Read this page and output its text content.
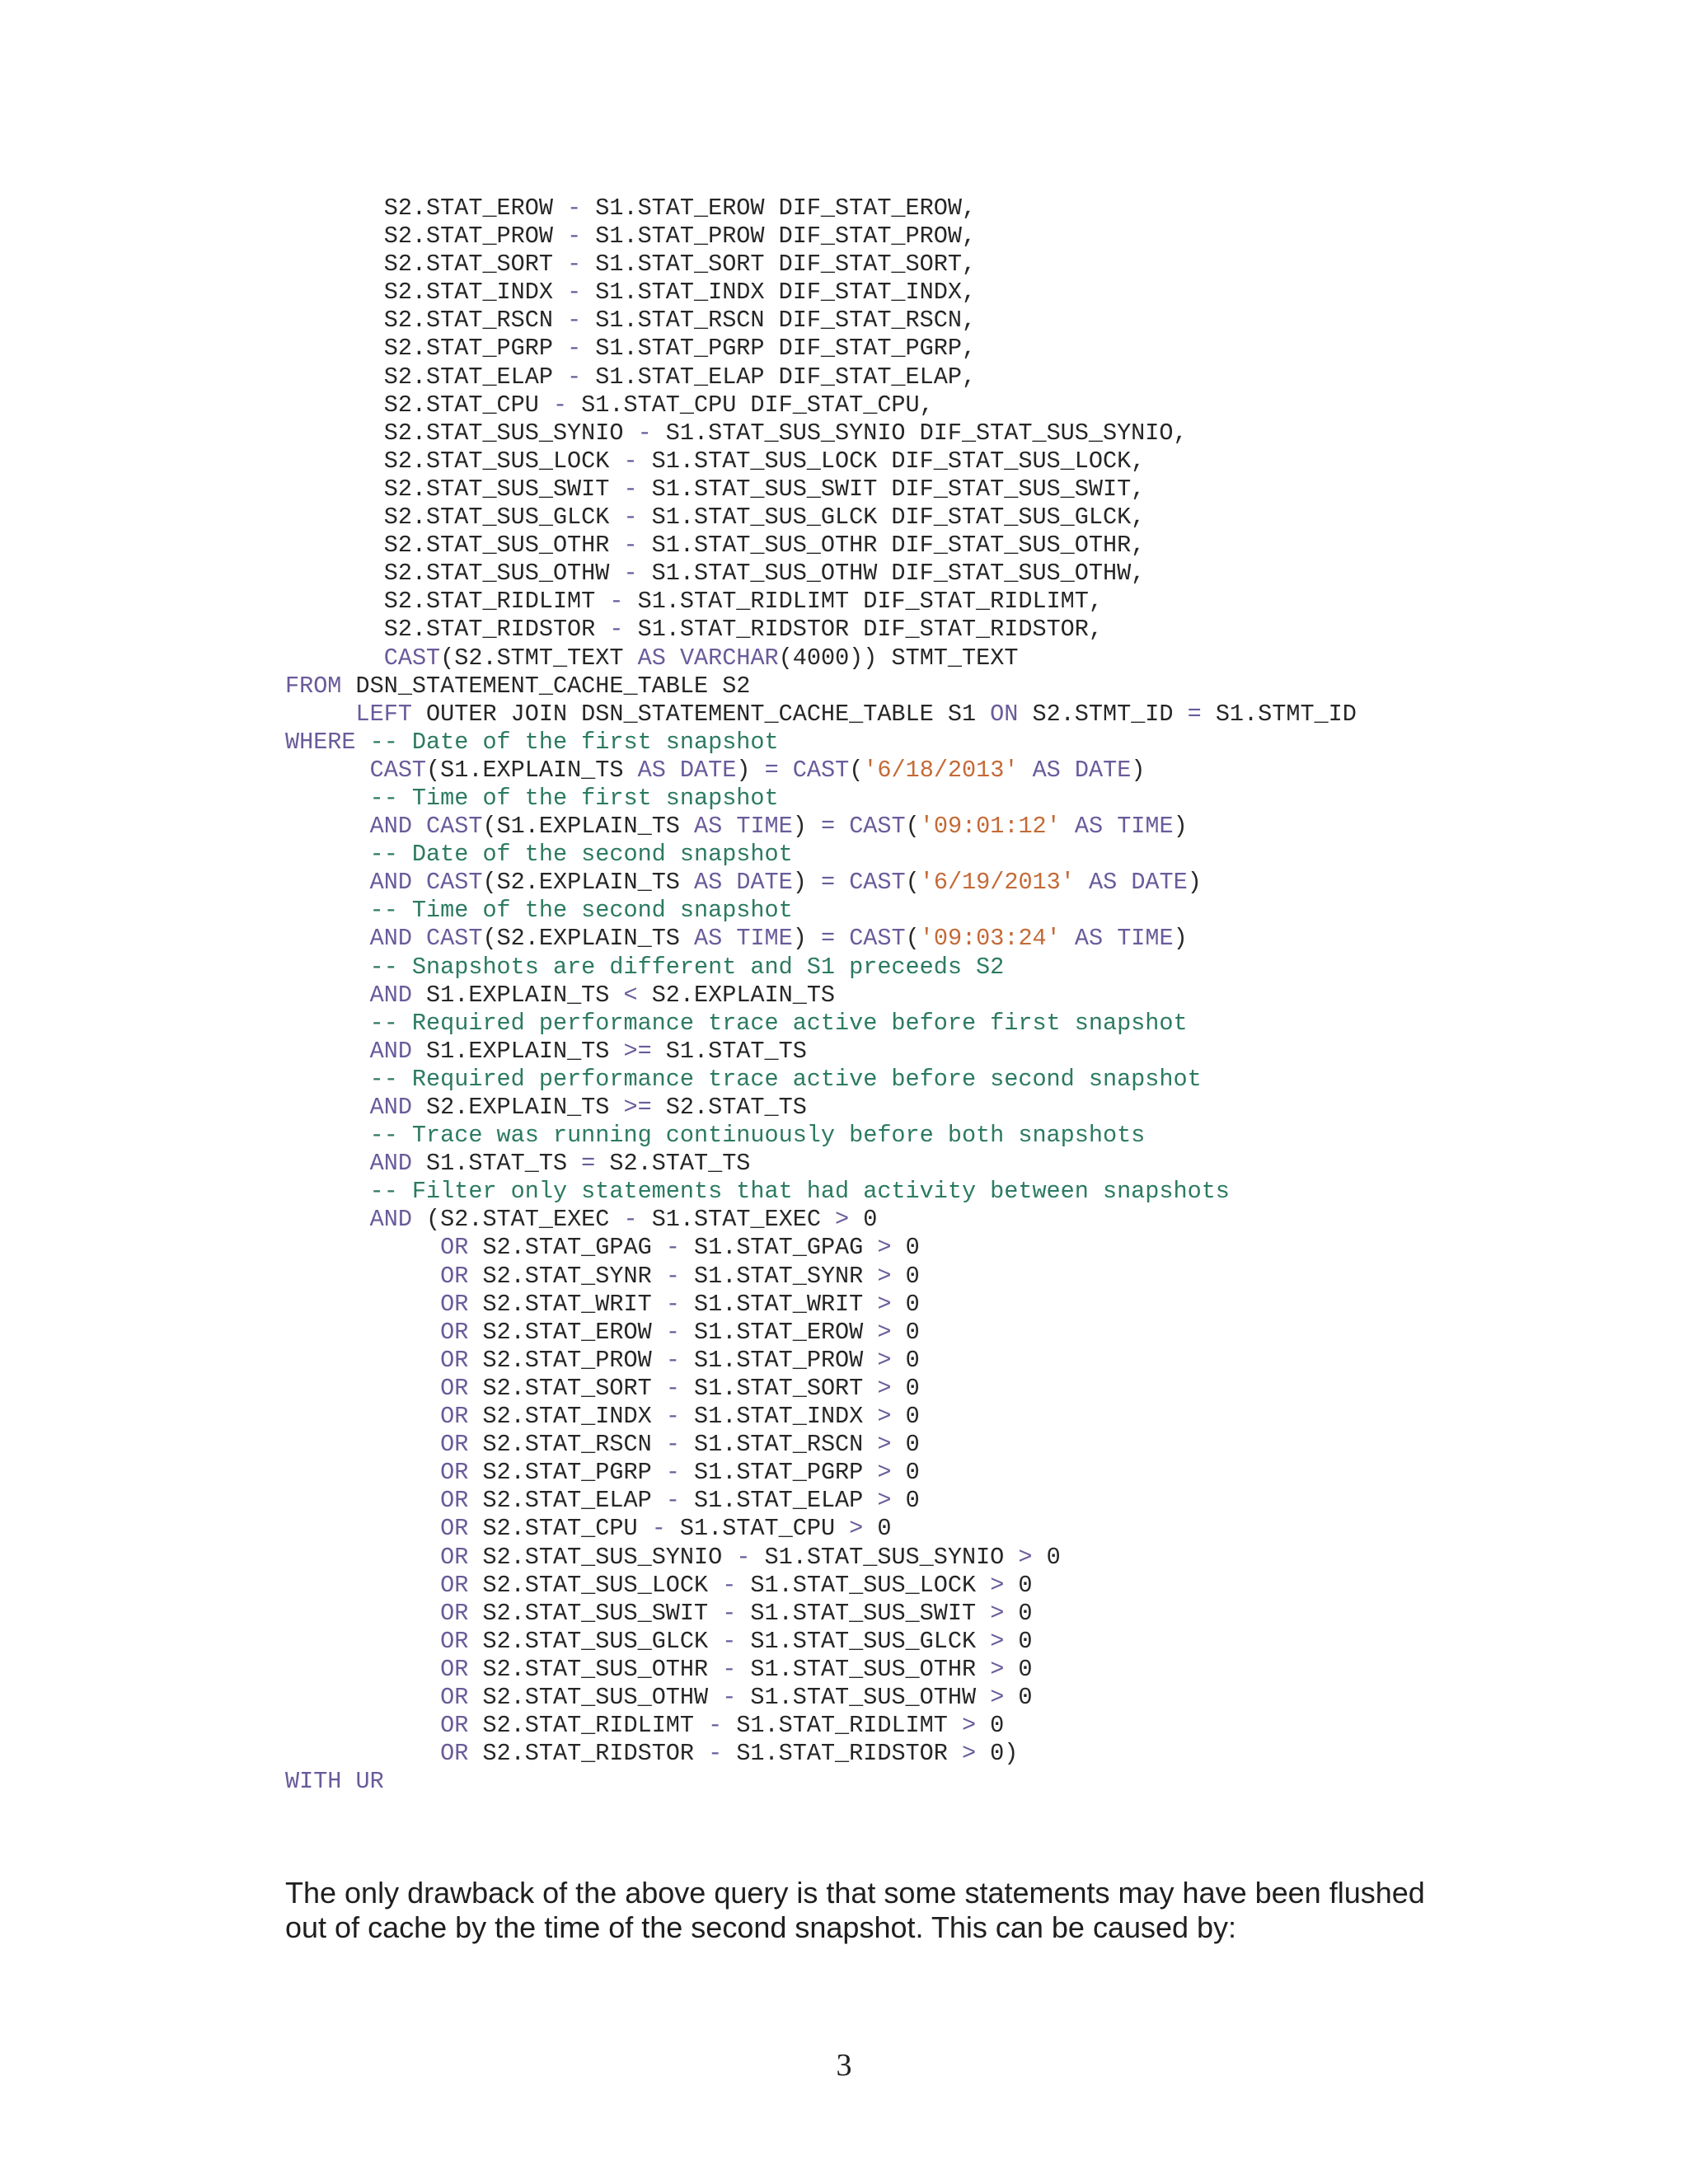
S2.STAT_EROW - S1.STAT_EROW DIF_STAT_EROW,
S2.STAT_PROW - S1.STAT_PROW DIF_STAT_PROW,
S2.STAT_SORT - S1.STAT_SORT DIF_STAT_SORT,
S2.STAT_INDX - S1.STAT_INDX DIF_STAT_INDX,
S2.STAT_RSCN - S1.STAT_RSCN DIF_STAT_RSCN,
S2.STAT_PGRP - S1.STAT_PGRP DIF_STAT_PGRP,
S2.STAT_ELAP - S1.STAT_ELAP DIF_STAT_ELAP,
S2.STAT_CPU - S1.STAT_CPU DIF_STAT_CPU,
S2.STAT_SUS_SYNIO - S1.STAT_SUS_SYNIO DIF_STAT_SUS_SYNIO,
S2.STAT_SUS_LOCK - S1.STAT_SUS_LOCK DIF_STAT_SUS_LOCK,
S2.STAT_SUS_SWIT - S1.STAT_SUS_SWIT DIF_STAT_SUS_SWIT,
S2.STAT_SUS_GLCK - S1.STAT_SUS_GLCK DIF_STAT_SUS_GLCK,
S2.STAT_SUS_OTHR - S1.STAT_SUS_OTHR DIF_STAT_SUS_OTHR,
S2.STAT_SUS_OTHW - S1.STAT_SUS_OTHW DIF_STAT_SUS_OTHW,
S2.STAT_RIDLIMT - S1.STAT_RIDLIMT DIF_STAT_RIDLIMT,
S2.STAT_RIDSTOR - S1.STAT_RIDSTOR DIF_STAT_RIDSTOR,
CAST(S2.STMT_TEXT AS VARCHAR(4000)) STMT_TEXT
FROM DSN_STATEMENT_CACHE_TABLE S2
LEFT OUTER JOIN DSN_STATEMENT_CACHE_TABLE S1 ON S2.STMT_ID = S1.STMT_ID
WHERE -- Date of the first snapshot
CAST(S1.EXPLAIN_TS AS DATE) = CAST('6/18/2013' AS DATE)
-- Time of the first snapshot
AND CAST(S1.EXPLAIN_TS AS TIME) = CAST('09:01:12' AS TIME)
-- Date of the second snapshot
AND CAST(S2.EXPLAIN_TS AS DATE) = CAST('6/19/2013' AS DATE)
-- Time of the second snapshot
AND CAST(S2.EXPLAIN_TS AS TIME) = CAST('09:03:24' AS TIME)
-- Snapshots are different and S1 preceeds S2
AND S1.EXPLAIN_TS < S2.EXPLAIN_TS
-- Required performance trace active before first snapshot
AND S1.EXPLAIN_TS >= S1.STAT_TS
-- Required performance trace active before second snapshot
AND S2.EXPLAIN_TS >= S2.STAT_TS
-- Trace was running continuously before both snapshots
AND S1.STAT_TS = S2.STAT_TS
-- Filter only statements that had activity between snapshots
AND (S2.STAT_EXEC - S1.STAT_EXEC > 0
OR S2.STAT_GPAG - S1.STAT_GPAG > 0
OR S2.STAT_SYNR - S1.STAT_SYNR > 0
OR S2.STAT_WRIT - S1.STAT_WRIT > 0
OR S2.STAT_EROW - S1.STAT_EROW > 0
OR S2.STAT_PROW - S1.STAT_PROW > 0
OR S2.STAT_SORT - S1.STAT_SORT > 0
OR S2.STAT_INDX - S1.STAT_INDX > 0
OR S2.STAT_RSCN - S1.STAT_RSCN > 0
OR S2.STAT_PGRP - S1.STAT_PGRP > 0
OR S2.STAT_ELAP - S1.STAT_ELAP > 0
OR S2.STAT_CPU - S1.STAT_CPU > 0
OR S2.STAT_SUS_SYNIO - S1.STAT_SUS_SYNIO > 0
OR S2.STAT_SUS_LOCK - S1.STAT_SUS_LOCK > 0
OR S2.STAT_SUS_SWIT - S1.STAT_SUS_SWIT > 0
OR S2.STAT_SUS_GLCK - S1.STAT_SUS_GLCK > 0
OR S2.STAT_SUS_OTHR - S1.STAT_SUS_OTHR > 0
OR S2.STAT_SUS_OTHW - S1.STAT_SUS_OTHW > 0
OR S2.STAT_RIDLIMT - S1.STAT_RIDLIMT > 0
OR S2.STAT_RIDSTOR - S1.STAT_RIDSTOR > 0)
WITH UR

The only drawback of the above query is that some statements may have been flushed out of cache by the time of the second snapshot. This can be caused by:

3
